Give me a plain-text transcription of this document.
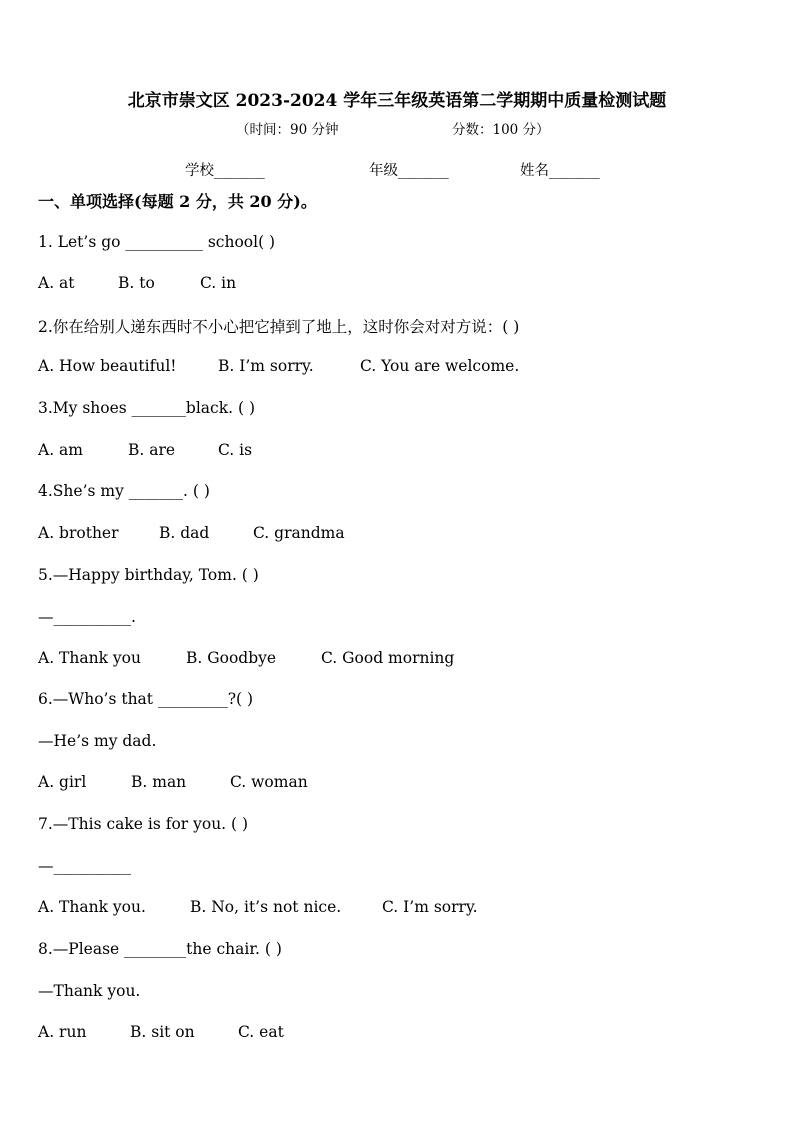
北京市崇文区 2023-2024 学年三年级英语第二学期期中质量检测试题
（时间：90 分钟	分数：100 分）
学校_______	年级_______	姓名_______
一、单项选择(每题 2 分，共 20 分)。
1. Let’s go __________ school( )
A. at	B. to	C. in
2.你在给别人递东西时不小心把它掉到了地上，这时你会对对方说：( )
A. How beautiful!	B. I’m sorry.	C. You are welcome.
3.My shoes _______black. ( )
A. am	B. are	C. is
4.She’s my _______. ( )
A. brother	B. dad	C. grandma
5.—Happy birthday, Tom. ( )
—__________.
A. Thank you	B. Goodbye	C. Good morning
6.—Who’s that _________?( )
—He’s my dad.
A. girl	B. man	C. woman
7.—This cake is for you. ( )
—__________
A. Thank you.	B. No, it’s not nice.	C. I’m sorry.
8.—Please ________the chair. ( )
—Thank you.
A. run	B. sit on	C. eat
